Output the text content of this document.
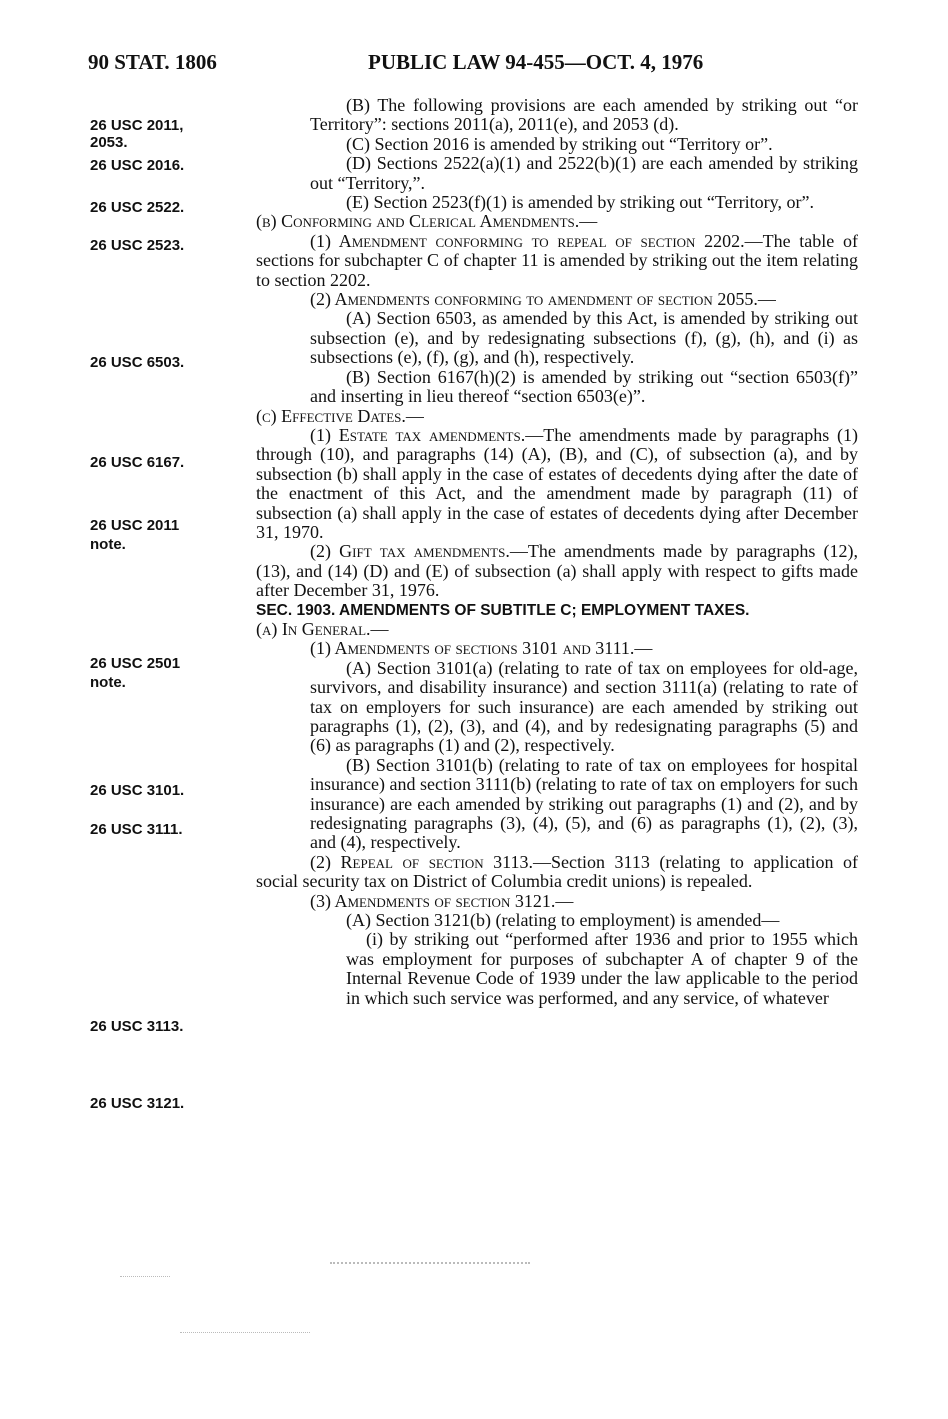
90 STAT. 1806	PUBLIC LAW 94-455—OCT. 4, 1976
26 USC 2011,
2053.
26 USC 2016.
26 USC 2522.
26 USC 2523.
26 USC 6503.
26 USC 6167.
26 USC 2011
note.
26 USC 2501
note.
26 USC 3101.
26 USC 3111.
26 USC 3113.
26 USC 3121.

(B) The following provisions are each amended by striking out “or Territory”: sections 2011(a), 2011(e), and 2053 (d).

(C) Section 2016 is amended by striking out “Territory or”.

(D) Sections 2522(a)(1) and 2522(b)(1) are each amended by striking out “Territory,”.

(E) Section 2523(f)(1) is amended by striking out “Territory, or”.

(b) Conforming and Clerical Amendments.—

(1) Amendment conforming to repeal of section 2202.—The table of sections for subchapter C of chapter 11 is amended by striking out the item relating to section 2202.

(2) Amendments conforming to amendment of section 2055.—

(A) Section 6503, as amended by this Act, is amended by striking out subsection (e), and by redesignating subsections (f), (g), (h), and (i) as subsections (e), (f), (g), and (h), respectively.

(B) Section 6167(h)(2) is amended by striking out “section 6503(f)” and inserting in lieu thereof “section 6503(e)”.

(c) Effective Dates.—

(1) Estate tax amendments.—The amendments made by paragraphs (1) through (10), and paragraphs (14) (A), (B), and (C), of subsection (a), and by subsection (b) shall apply in the case of estates of decedents dying after the date of the enactment of this Act, and the amendment made by paragraph (11) of subsection (a) shall apply in the case of estates of decedents dying after December 31, 1970.

(2) Gift tax amendments.—The amendments made by paragraphs (12), (13), and (14) (D) and (E) of subsection (a) shall apply with respect to gifts made after December 31, 1976.

SEC. 1903. AMENDMENTS OF SUBTITLE C; EMPLOYMENT TAXES.

(a) In General.—

(1) Amendments of sections 3101 and 3111.—

(A) Section 3101(a) (relating to rate of tax on employees for old-age, survivors, and disability insurance) and section 3111(a) (relating to rate of tax on employers for such insurance) are each amended by striking out paragraphs (1), (2), (3), and (4), and by redesignating paragraphs (5) and (6) as paragraphs (1) and (2), respectively.

(B) Section 3101(b) (relating to rate of tax on employees for hospital insurance) and section 3111(b) (relating to rate of tax on employers for such insurance) are each amended by striking out paragraphs (1) and (2), and by redesignating paragraphs (3), (4), (5), and (6) as paragraphs (1), (2), (3), and (4), respectively.

(2) Repeal of section 3113.—Section 3113 (relating to application of social security tax on District of Columbia credit unions) is repealed.

(3) Amendments of section 3121.—

(A) Section 3121(b) (relating to employment) is amended—

(i) by striking out “performed after 1936 and prior to 1955 which was employment for purposes of subchapter A of chapter 9 of the Internal Revenue Code of 1939 under the law applicable to the period in which such service was performed, and any service, of whatever
